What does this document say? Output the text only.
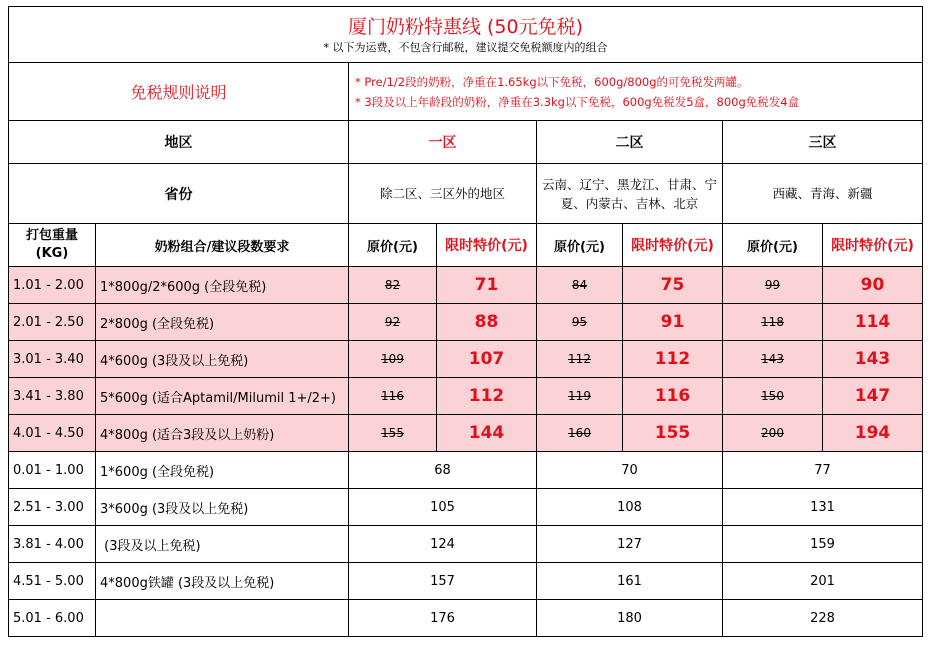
厦门奶粉特惠线 (50元免税)
* 以下为运费，不包含行邮税，建议提交免税额度内的组合							

免税规则说明		* Pre/1/2段的奶粉，净重在1.65kg以下免税，600g/800g的可免税发两罐。
* 3段及以上年龄段的奶粉，净重在3.3kg以下免税，600g免税发5盒，800g免税发4盒					

地区		一区		二区		三区	
省份		除二区、三区外的地区		云南、辽宁、黑龙江、甘肃、宁夏、内蒙古、吉林、北京		西藏、青海、新疆	
打包重量(KG)	奶粉组合/建议段数要求	原价(元)	限时特价(元)	原价(元)	限时特价(元)	原价(元)	限时特价(元)
1.01 - 2.00	1*800g/2*600g (全段免税)	82	71	84	75	99	90
2.01 - 2.50	2*800g (全段免税)	92	88	95	91	118	114
3.01 - 3.40	4*600g (3段及以上免税)	109	107	112	112	143	143
3.41 - 3.80	5*600g (适合Aptamil/Milumil 1+/2+)	116	112	119	116	150	147
4.01 - 4.50	4*800g (适合3段及以上奶粉)	155	144	160	155	200	194
0.01 - 1.00	1*600g (全段免税)	68		70		77	
2.51 - 3.00	3*600g (3段及以上免税)	105		108		131	
3.81 - 4.00	(3段及以上免税)	124		127		159	
4.51 - 5.00	4*800g铁罐 (3段及以上免税)	157		161		201	
5.01 - 6.00		176		180		228	
